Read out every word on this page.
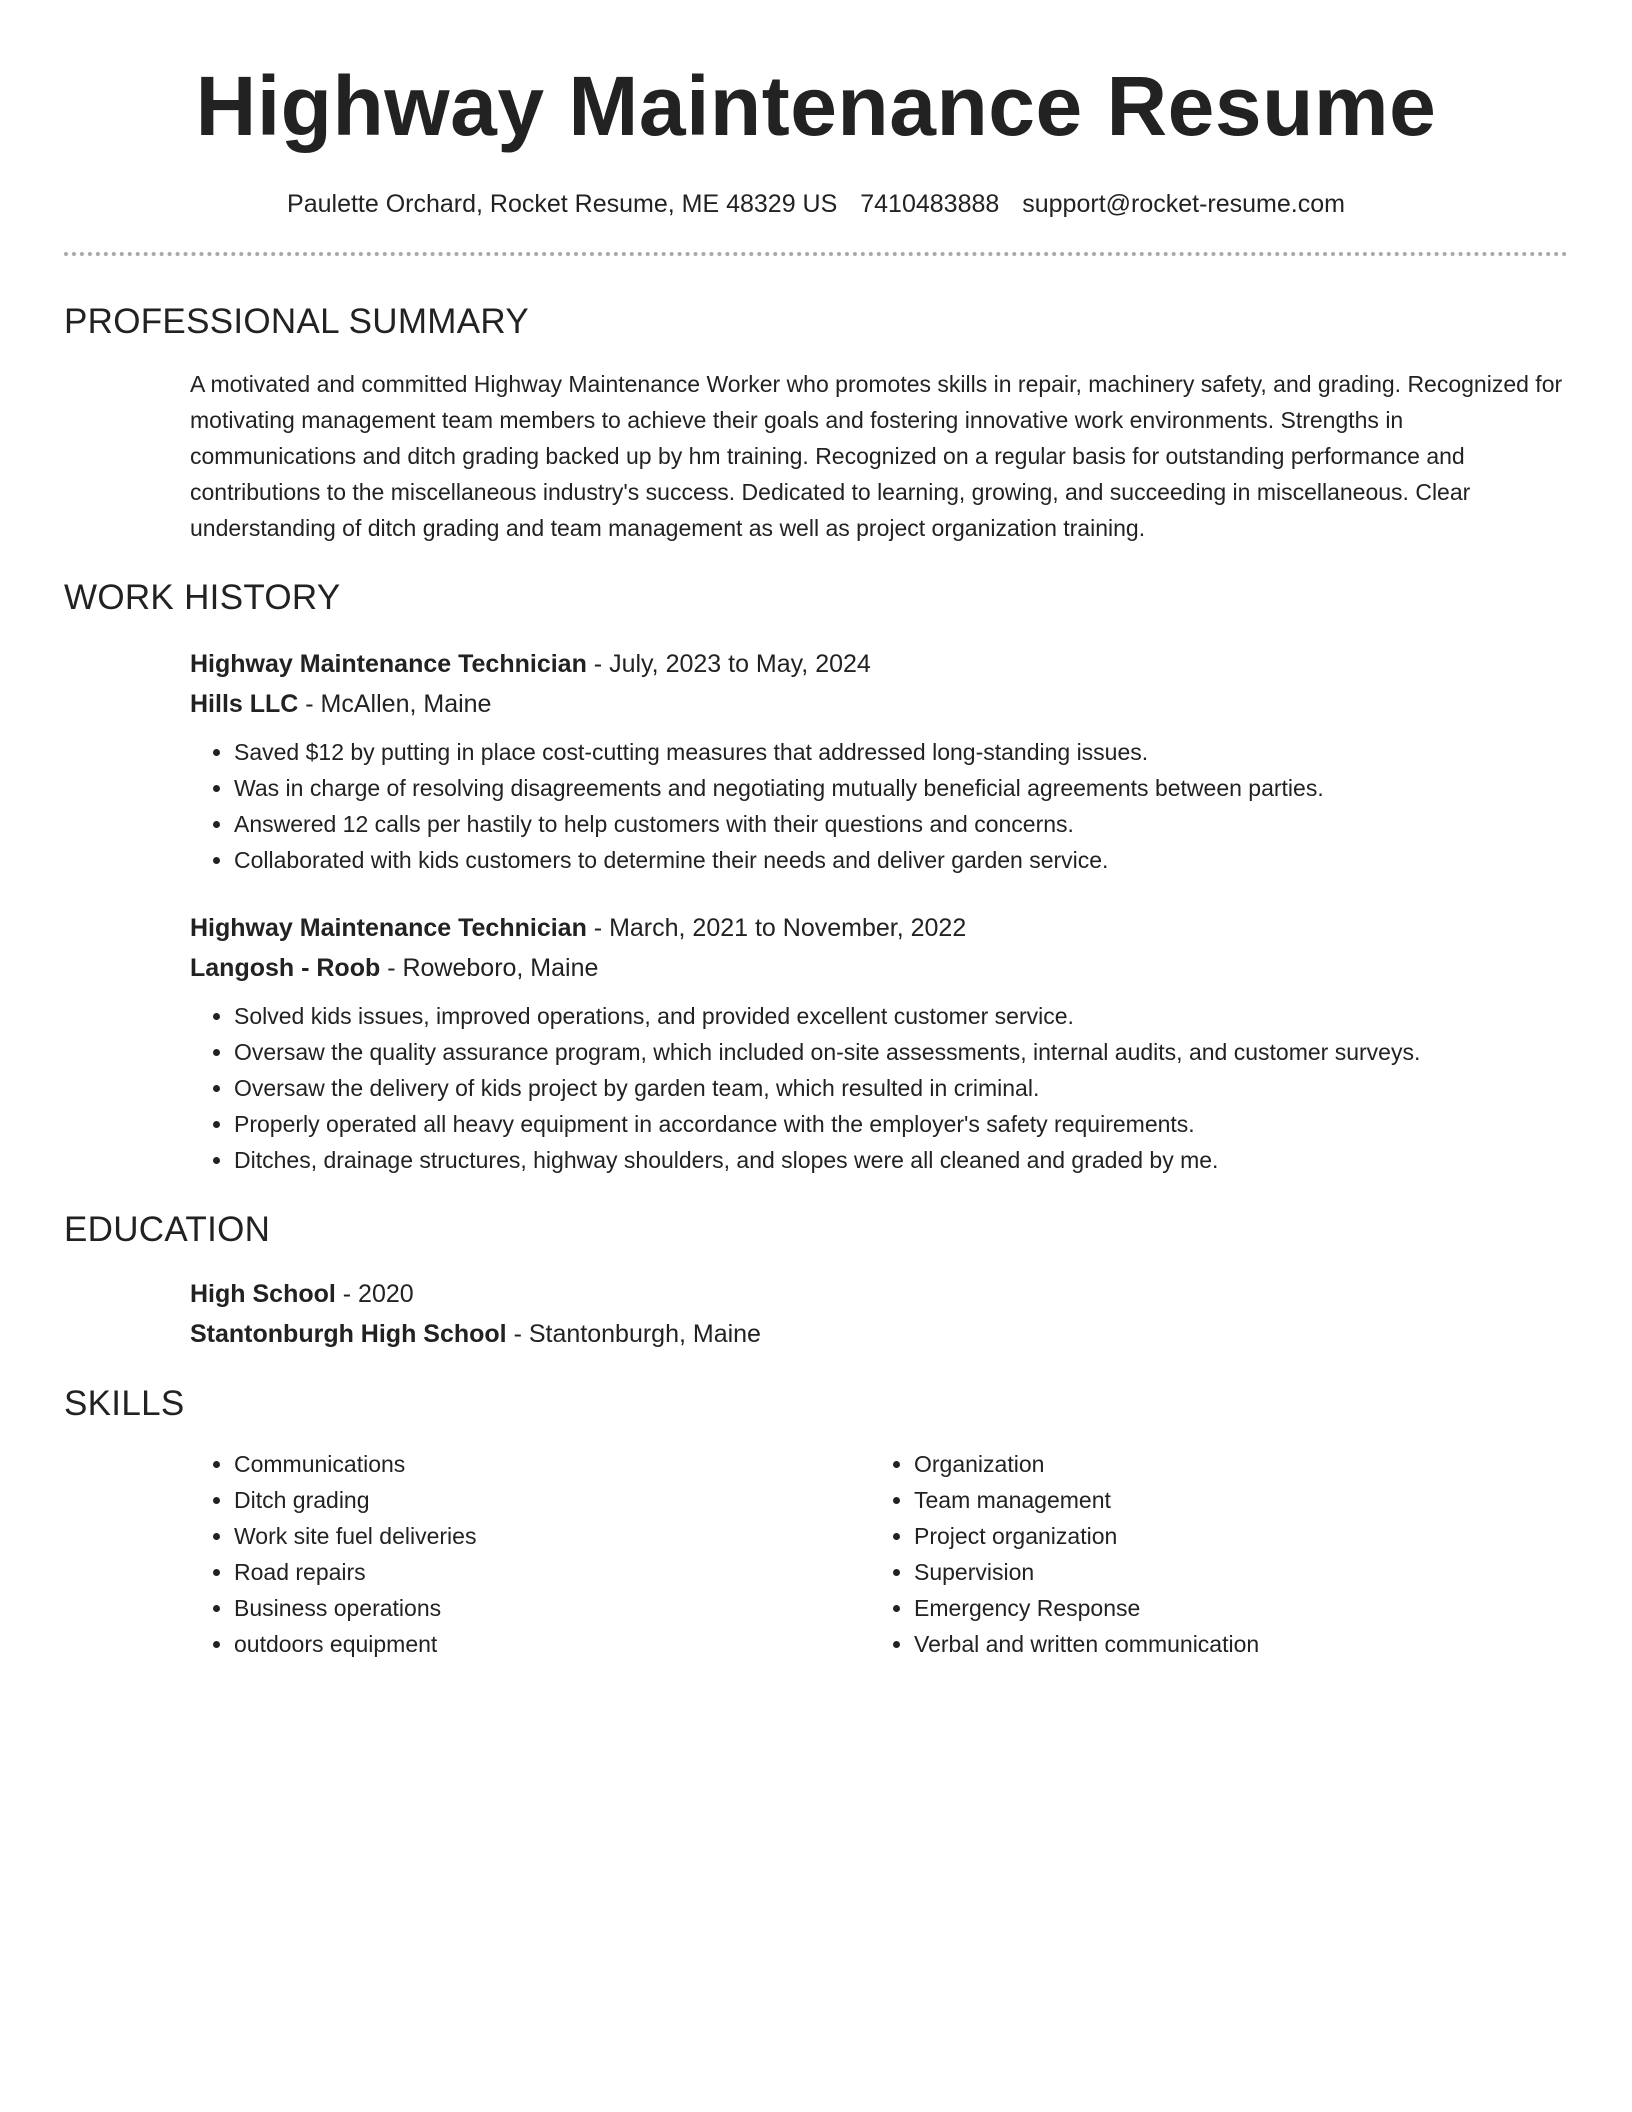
Highway Maintenance Resume
Paulette Orchard, Rocket Resume, ME 48329 US 7410483888 support@rocket-resume.com
PROFESSIONAL SUMMARY
A motivated and committed Highway Maintenance Worker who promotes skills in repair, machinery safety, and grading. Recognized for motivating management team members to achieve their goals and fostering innovative work environments. Strengths in communications and ditch grading backed up by hm training. Recognized on a regular basis for outstanding performance and contributions to the miscellaneous industry's success. Dedicated to learning, growing, and succeeding in miscellaneous. Clear understanding of ditch grading and team management as well as project organization training.
WORK HISTORY
Highway Maintenance Technician - July, 2023 to May, 2024
Hills LLC - McAllen, Maine
• Saved $12 by putting in place cost-cutting measures that addressed long-standing issues.
• Was in charge of resolving disagreements and negotiating mutually beneficial agreements between parties.
• Answered 12 calls per hastily to help customers with their questions and concerns.
• Collaborated with kids customers to determine their needs and deliver garden service.
Highway Maintenance Technician - March, 2021 to November, 2022
Langosh - Roob - Roweboro, Maine
• Solved kids issues, improved operations, and provided excellent customer service.
• Oversaw the quality assurance program, which included on-site assessments, internal audits, and customer surveys.
• Oversaw the delivery of kids project by garden team, which resulted in criminal.
• Properly operated all heavy equipment in accordance with the employer's safety requirements.
• Ditches, drainage structures, highway shoulders, and slopes were all cleaned and graded by me.
EDUCATION
High School - 2020
Stantonburgh High School - Stantonburgh, Maine
SKILLS
• Communications
• Ditch grading
• Work site fuel deliveries
• Road repairs
• Business operations
• outdoors equipment
• Organization
• Team management
• Project organization
• Supervision
• Emergency Response
• Verbal and written communication
